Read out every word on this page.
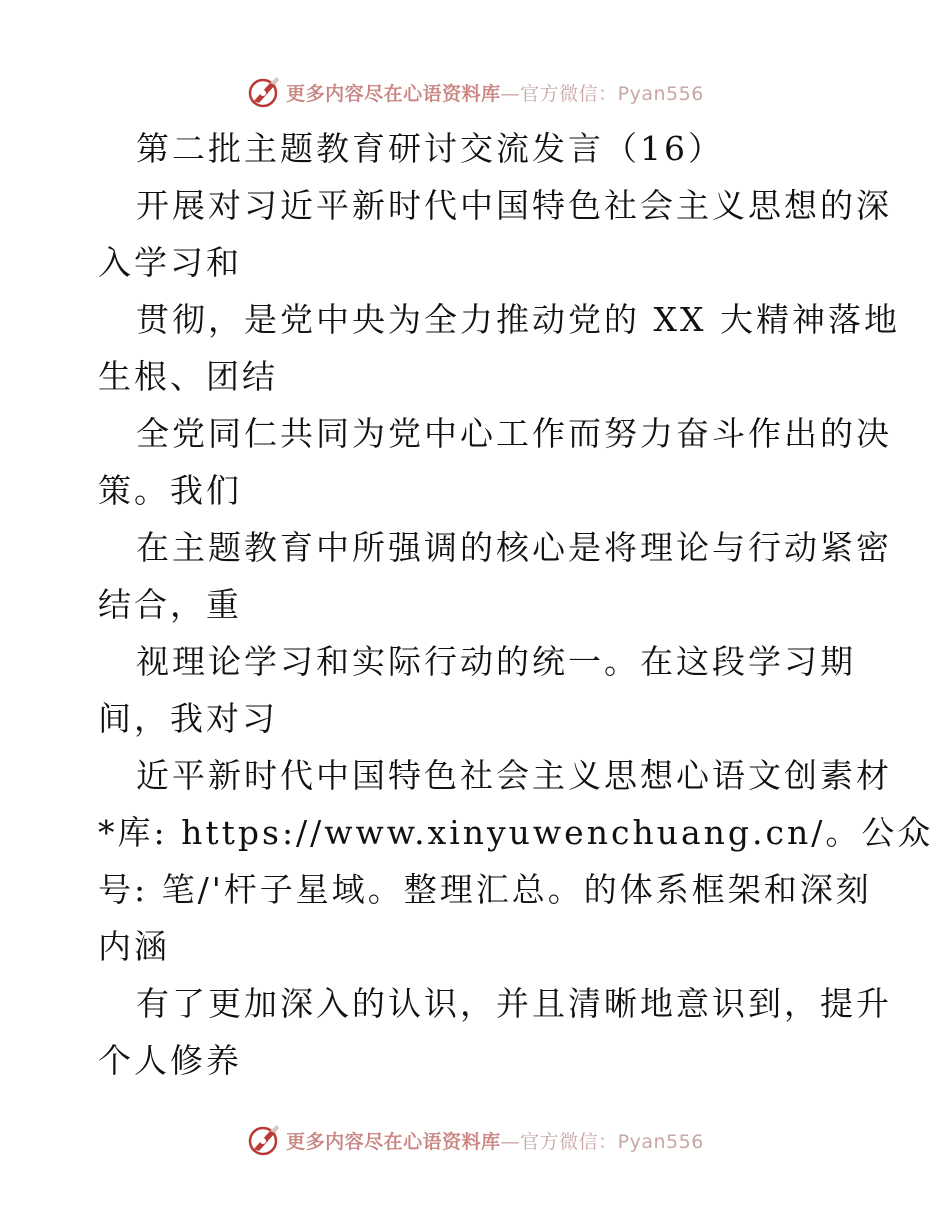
更多内容尽在心语资料库—官方微信：Pyan556
第二批主题教育研讨交流发言（16）
开展对习近平新时代中国特色社会主义思想的深
入学习和
贯彻，是党中央为全力推动党的 XX 大精神落地
生根、团结
全党同仁共同为党中心工作而努力奋斗作出的决
策。我们
在主题教育中所强调的核心是将理论与行动紧密
结合，重
视理论学习和实际行动的统一。在这段学习期
间，我对习
近平新时代中国特色社会主义思想心语文创素材
*库: https://www.xinyuwenchuang.cn/。公众
号: 笔/'杆子星域。整理汇总。的体系框架和深刻
内涵
有了更加深入的认识，并且清晰地意识到，提升
个人修养
更多内容尽在心语资料库—官方微信：Pyan556
